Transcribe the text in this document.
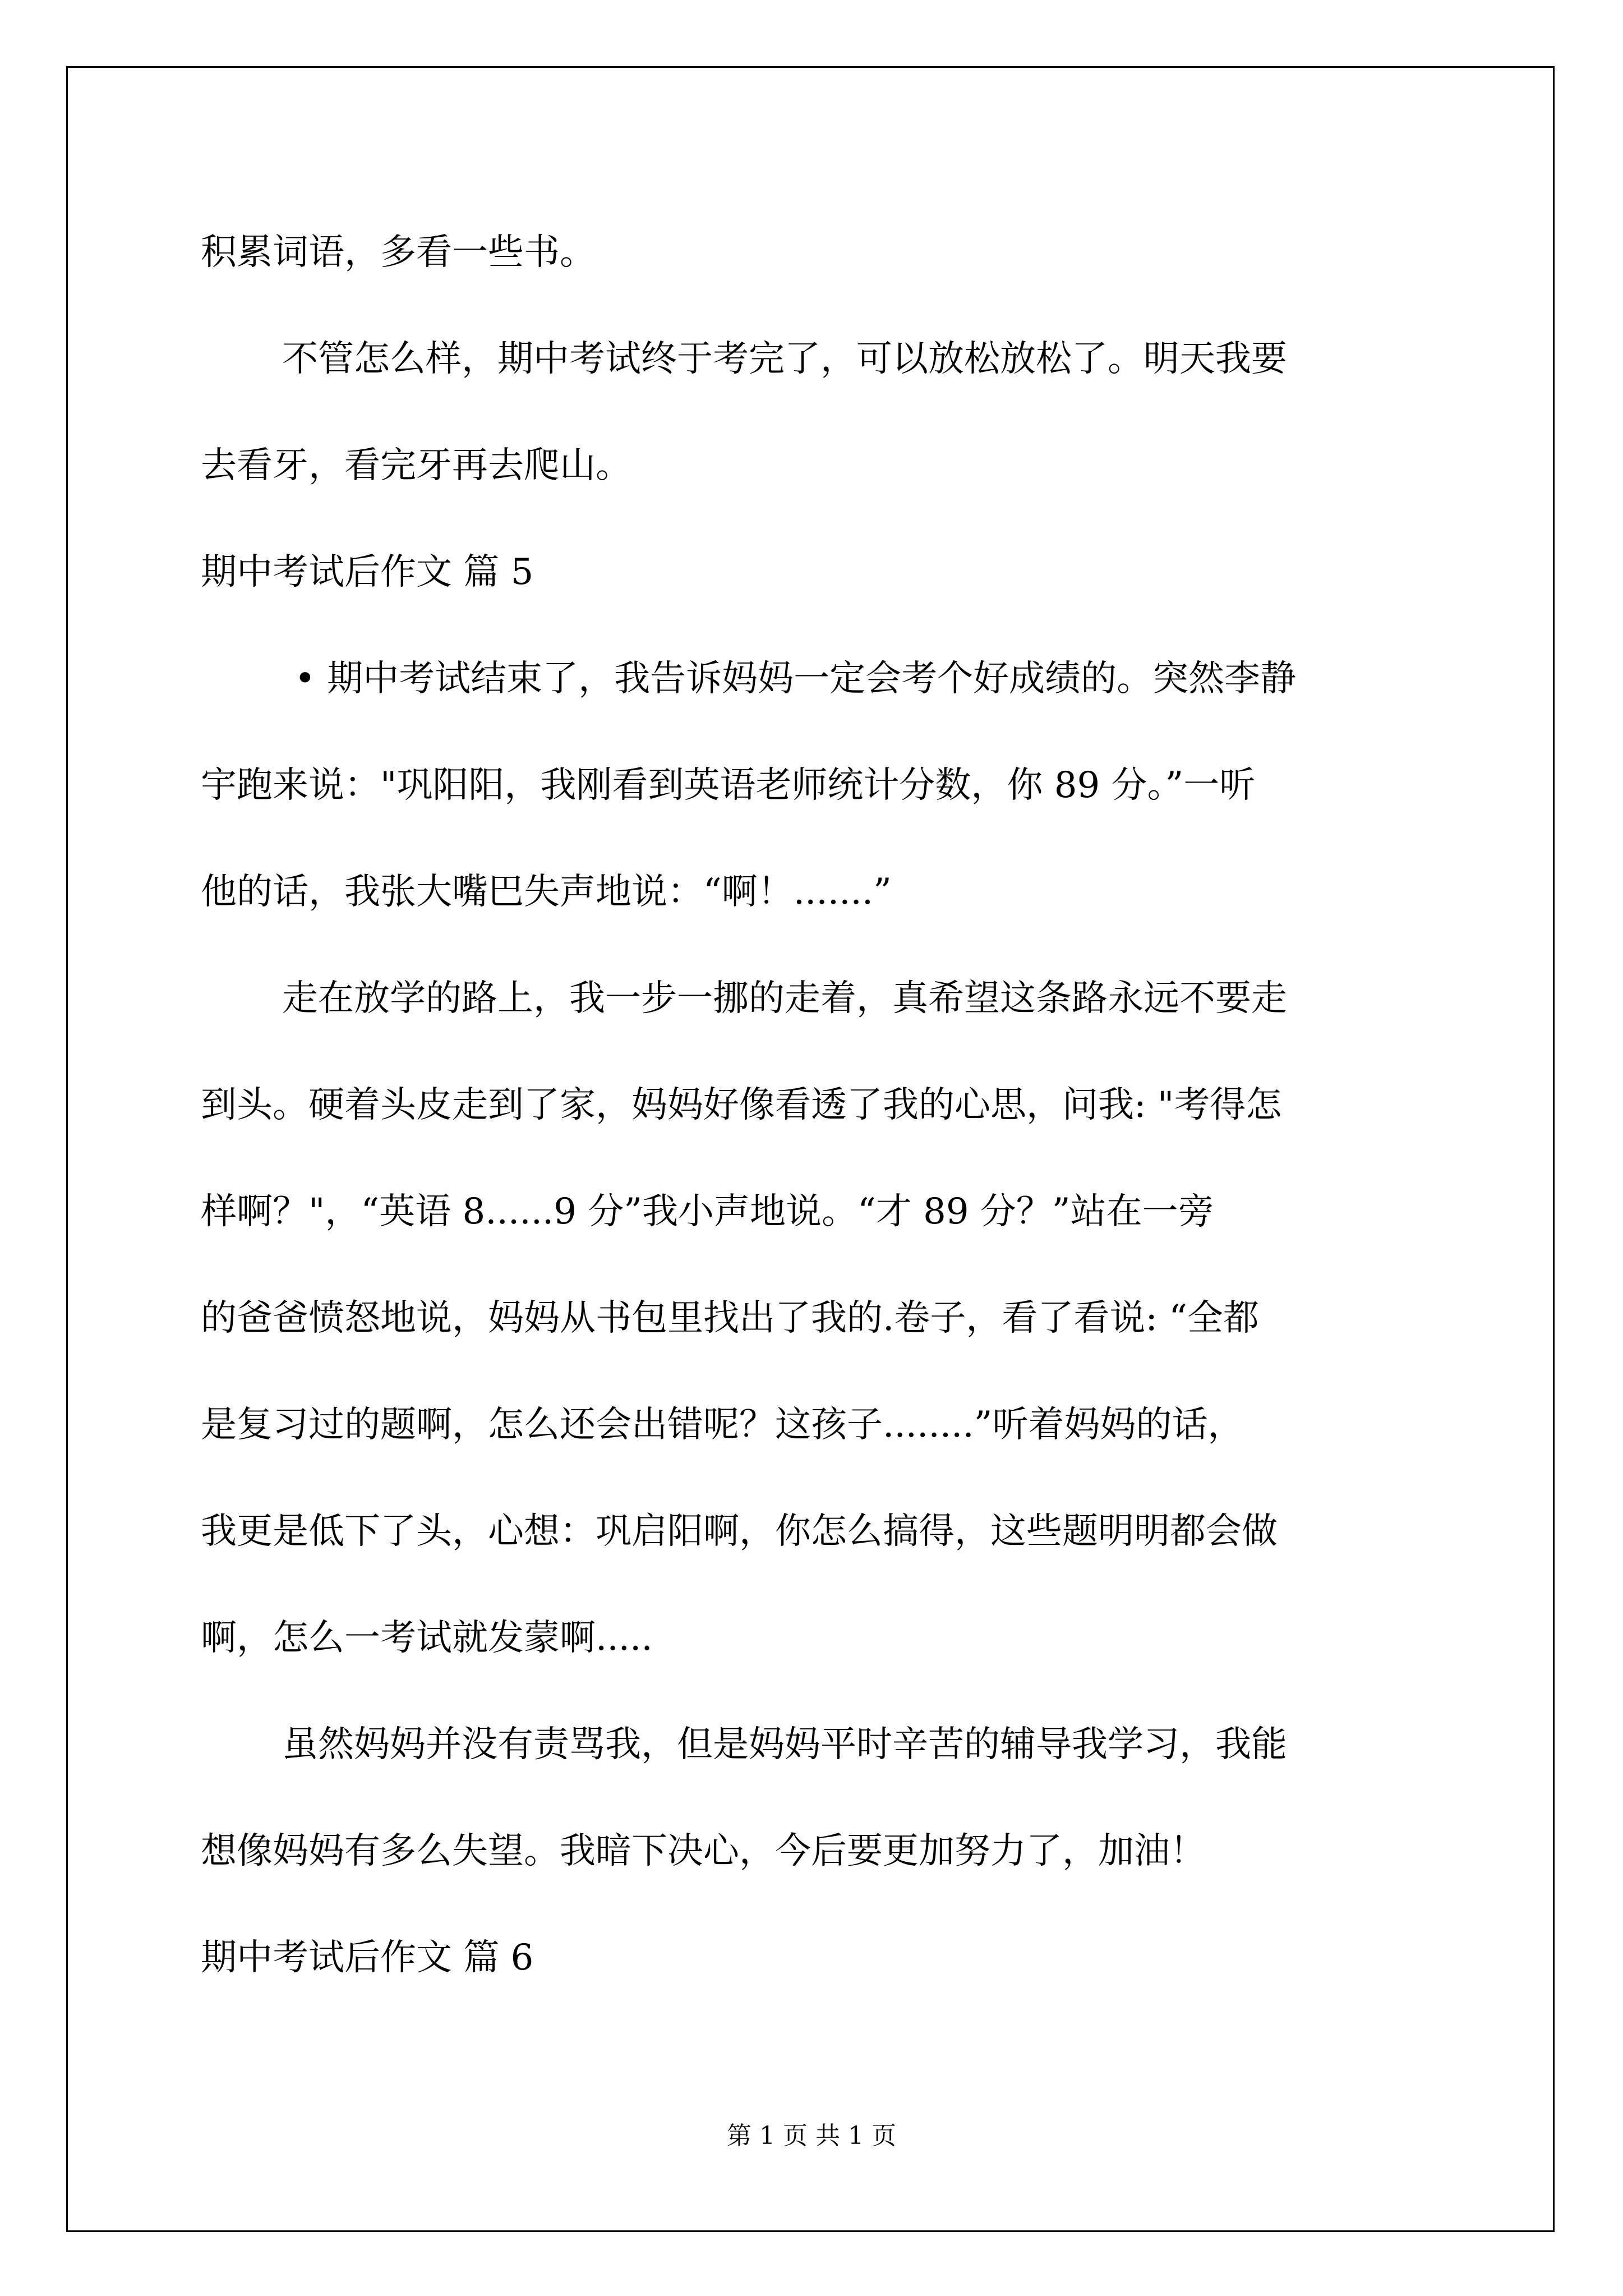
积累词语，多看一些书。

不管怎么样，期中考试终于考完了，可以放松放松了。明天我要

去看牙，看完牙再去爬山。

期中考试后作文 篇 5

• 期中考试结束了，我告诉妈妈一定会考个好成绩的。突然李静

宇跑来说："巩阳阳，我刚看到英语老师统计分数，你 89 分。”一听

他的话，我张大嘴巴失声地说：“啊！.......”

走在放学的路上，我一步一挪的走着，真希望这条路永远不要走

到头。硬着头皮走到了家，妈妈好像看透了我的心思，问我: "考得怎

样啊？"，“英语 8......9 分”我小声地说。“才 89 分？”站在一旁

的爸爸愤怒地说，妈妈从书包里找出了我的.卷子，看了看说: “全都

是复习过的题啊，怎么还会出错呢？这孩子........”听着妈妈的话，

我更是低下了头，心想：巩启阳啊，你怎么搞得，这些题明明都会做

啊，怎么一考试就发蒙啊.....

虽然妈妈并没有责骂我，但是妈妈平时辛苦的辅导我学习，我能

想像妈妈有多么失望。我暗下决心，今后要更加努力了，加油！

期中考试后作文 篇 6

第 1 页 共 1 页
